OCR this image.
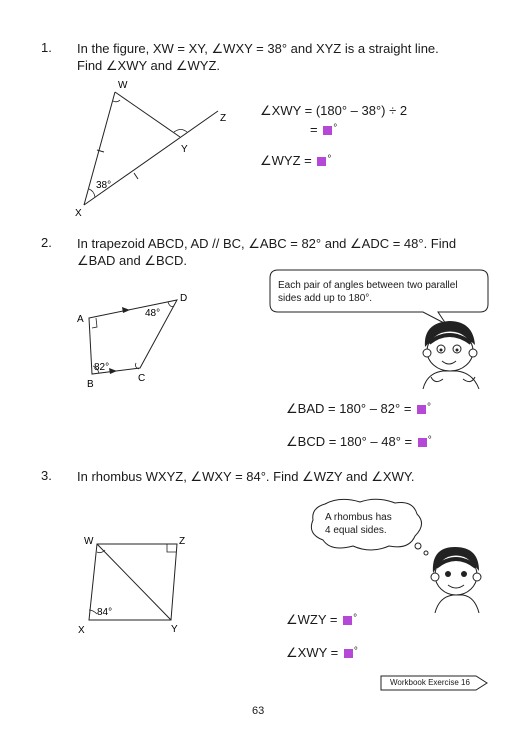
1. In the figure, XW = XY, ∠WXY = 38° and XYZ is a straight line.
Find ∠XWY and ∠WYZ.
W
X
Y
Z
38°
∠XWY = (180° – 38°) ÷ 2
= °
∠WYZ = °
2. In trapezoid ABCD, AD // BC, ∠ABC = 82° and ∠ADC = 48°. Find
∠BAD and ∠BCD.
A
B
C
D
82°
48°
Each pair of angles between two parallel
sides add up to 180°.
∠BAD = 180° – 82° = °
∠BCD = 180° – 48° = °
3. In rhombus WXYZ, ∠WXY = 84°. Find ∠WZY and ∠XWY.
W	Z
X	Y
84°
A rhombus has
4 equal sides.
∠WZY = °
∠XWY = °
Workbook Exercise 16
63
